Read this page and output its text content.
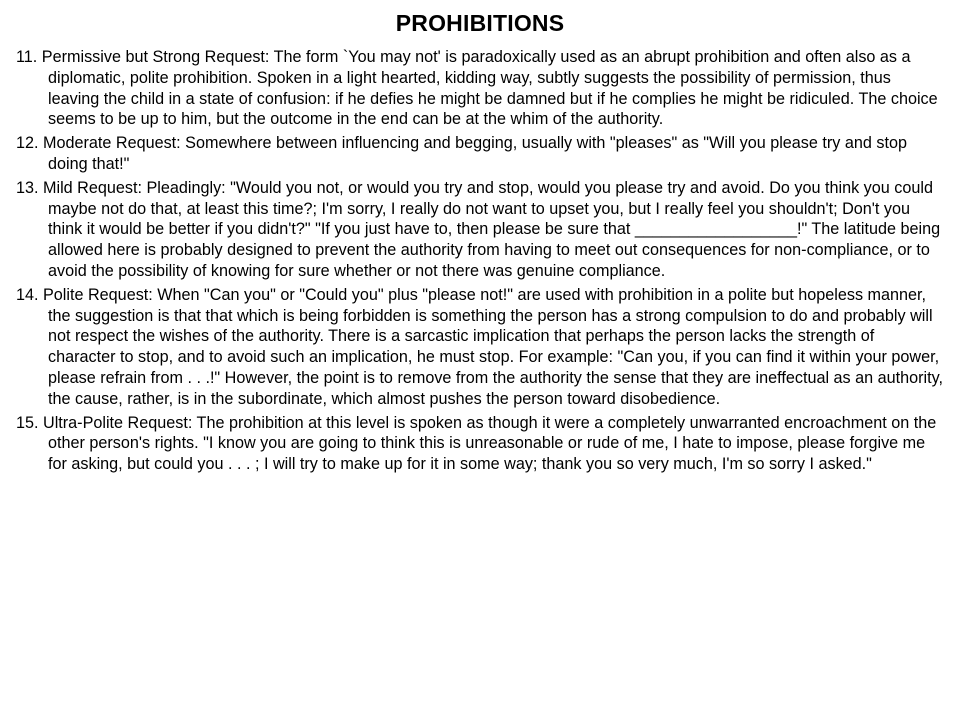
PROHIBITIONS
11. Permissive but Strong Request: The form `You may not' is paradoxically used as an abrupt prohibition and often also as a diplomatic, polite prohibition. Spoken in a light hearted, kidding way, subtly suggests the possibility of permission, thus leaving the child in a state of confusion: if he defies he might be damned but if he complies he might be ridiculed. The choice seems to be up to him, but the outcome in the end can be at the whim of the authority.
12. Moderate Request: Somewhere between influencing and begging, usually with "pleases" as "Will you please try and stop doing that!"
13. Mild Request: Pleadingly: "Would you not, or would you try and stop, would you please try and avoid. Do you think you could maybe not do that, at least this time?; I'm sorry, I really do not want to upset you, but I really feel you shouldn't; Don't you think it would be better if you didn't?" "If you just have to, then please be sure that __________________!" The latitude being allowed here is probably designed to prevent the authority from having to meet out consequences for non-compliance, or to avoid the possibility of knowing for sure whether or not there was genuine compliance.
14. Polite Request: When "Can you" or "Could you" plus "please not!" are used with prohibition in a polite but hopeless manner, the suggestion is that that which is being forbidden is something the person has a strong compulsion to do and probably will not respect the wishes of the authority. There is a sarcastic implication that perhaps the person lacks the strength of character to stop, and to avoid such an implication, he must stop. For example: "Can you, if you can find it within your power, please refrain from . . .!" However, the point is to remove from the authority the sense that they are ineffectual as an authority, the cause, rather, is in the subordinate, which almost pushes the person toward disobedience.
15. Ultra-Polite Request: The prohibition at this level is spoken as though it were a completely unwarranted encroachment on the other person's rights. "I know you are going to think this is unreasonable or rude of me, I hate to impose, please forgive me for asking, but could you . . . ; I will try to make up for it in some way; thank you so very much, I'm so sorry I asked."
